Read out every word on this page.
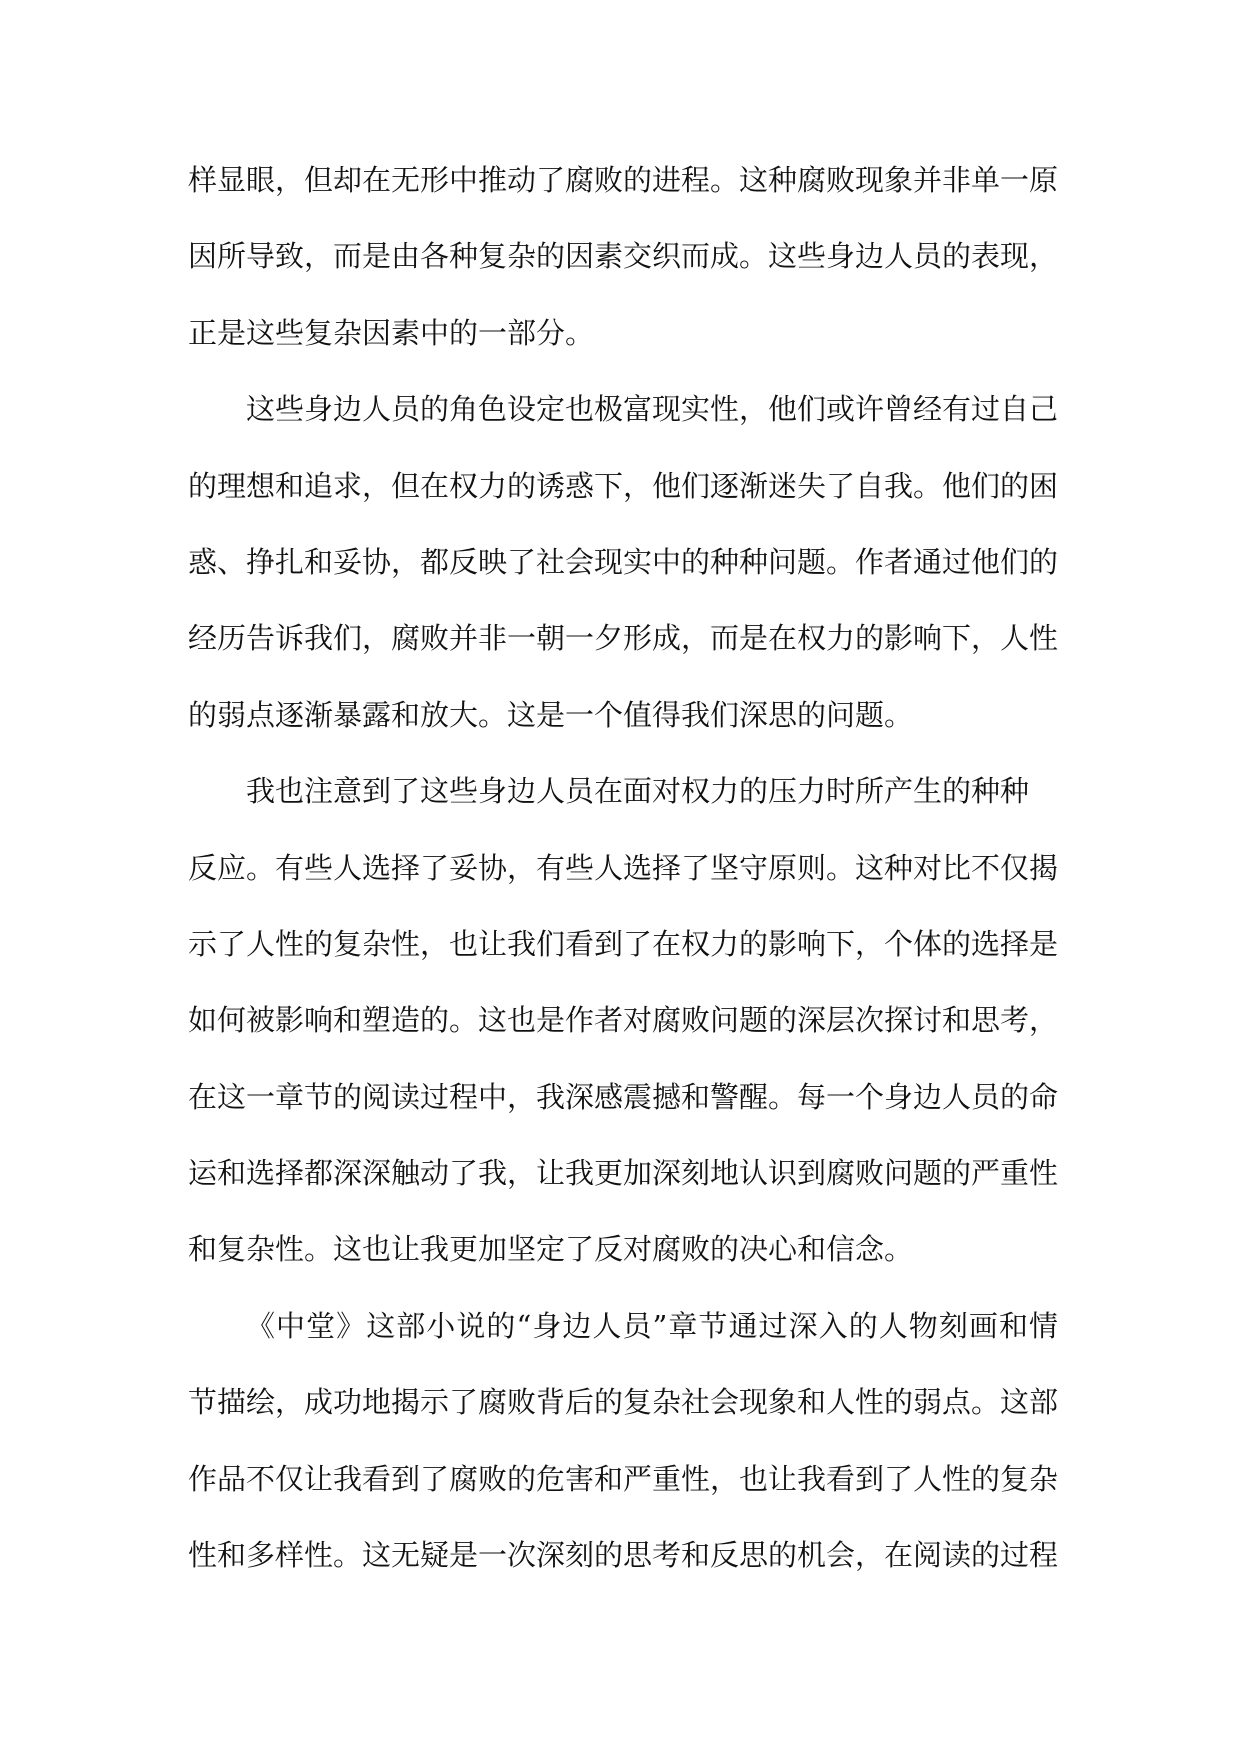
样显眼，但却在无形中推动了腐败的进程。这种腐败现象并非单一原
因所导致，而是由各种复杂的因素交织而成。这些身边人员的表现，
正是这些复杂因素中的一部分。
这些身边人员的角色设定也极富现实性，他们或许曾经有过自己
的理想和追求，但在权力的诱惑下，他们逐渐迷失了自我。他们的困
惑、挣扎和妥协，都反映了社会现实中的种种问题。作者通过他们的
经历告诉我们，腐败并非一朝一夕形成，而是在权力的影响下，人性
的弱点逐渐暴露和放大。这是一个值得我们深思的问题。
我也注意到了这些身边人员在面对权力的压力时所产生的种种
反应。有些人选择了妥协，有些人选择了坚守原则。这种对比不仅揭
示了人性的复杂性，也让我们看到了在权力的影响下，个体的选择是
如何被影响和塑造的。这也是作者对腐败问题的深层次探讨和思考，
在这一章节的阅读过程中，我深感震撼和警醒。每一个身边人员的命
运和选择都深深触动了我，让我更加深刻地认识到腐败问题的严重性
和复杂性。这也让我更加坚定了反对腐败的决心和信念。
《中堂》这部小说的“身边人员”章节通过深入的人物刻画和情
节描绘，成功地揭示了腐败背后的复杂社会现象和人性的弱点。这部
作品不仅让我看到了腐败的危害和严重性，也让我看到了人性的复杂
性和多样性。这无疑是一次深刻的思考和反思的机会，在阅读的过程
